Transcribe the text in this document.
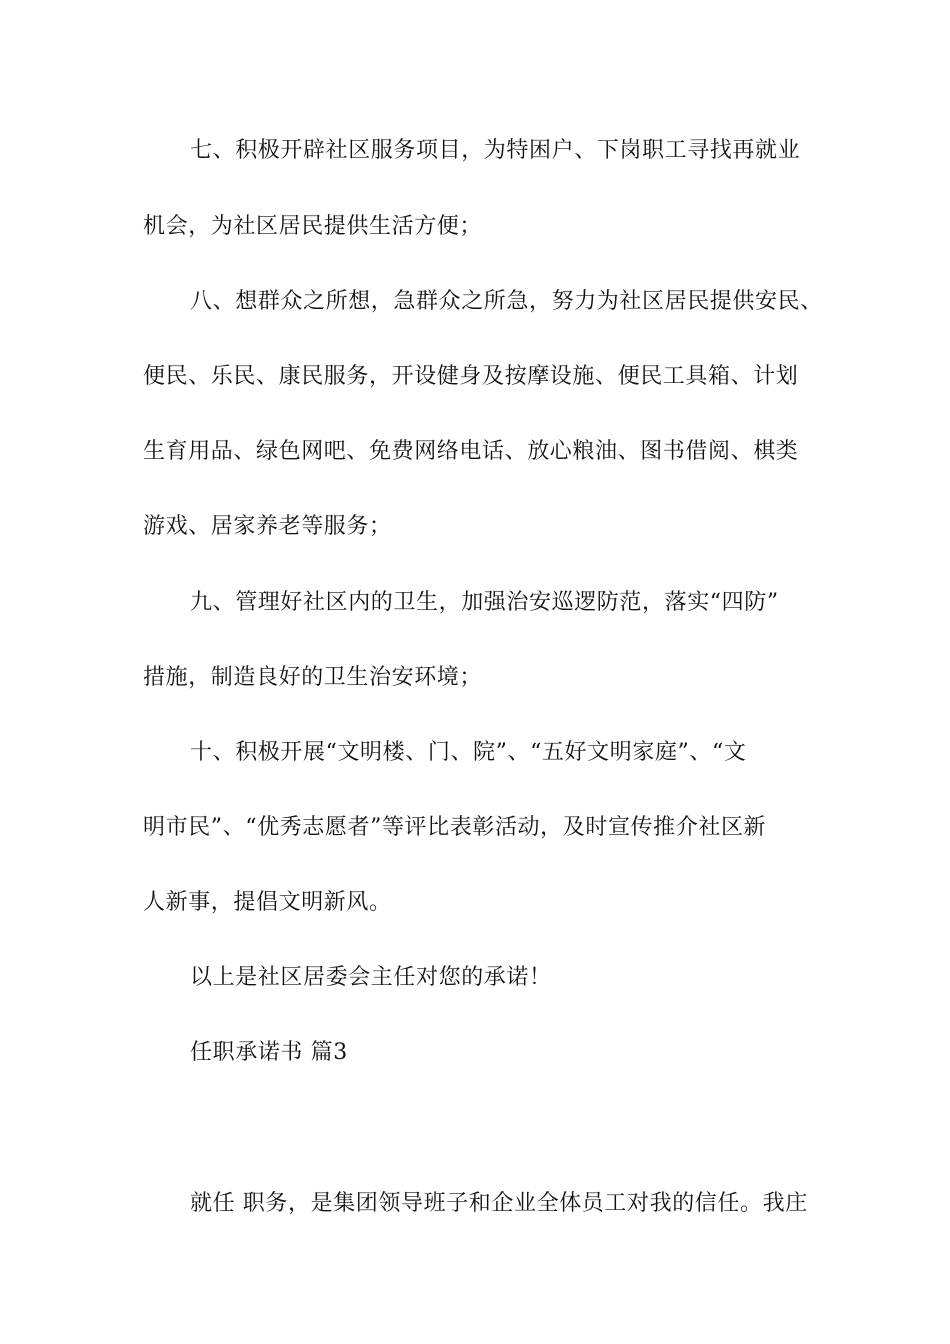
七、积极开辟社区服务项目，为特困户、下岗职工寻找再就业
机会，为社区居民提供生活方便；
八、想群众之所想，急群众之所急，努力为社区居民提供安民、
便民、乐民、康民服务，开设健身及按摩设施、便民工具箱、计划
生育用品、绿色网吧、免费网络电话、放心粮油、图书借阅、棋类
游戏、居家养老等服务；
九、管理好社区内的卫生，加强治安巡逻防范，落实“四防”
措施，制造良好的卫生治安环境；
十、积极开展“文明楼、门、院”、“五好文明家庭”、“文
明市民”、“优秀志愿者”等评比表彰活动，及时宣传推介社区新
人新事，提倡文明新风。
以上是社区居委会主任对您的承诺！
任职承诺书 篇3
就任 职务，是集团领导班子和企业全体员工对我的信任。我庄
